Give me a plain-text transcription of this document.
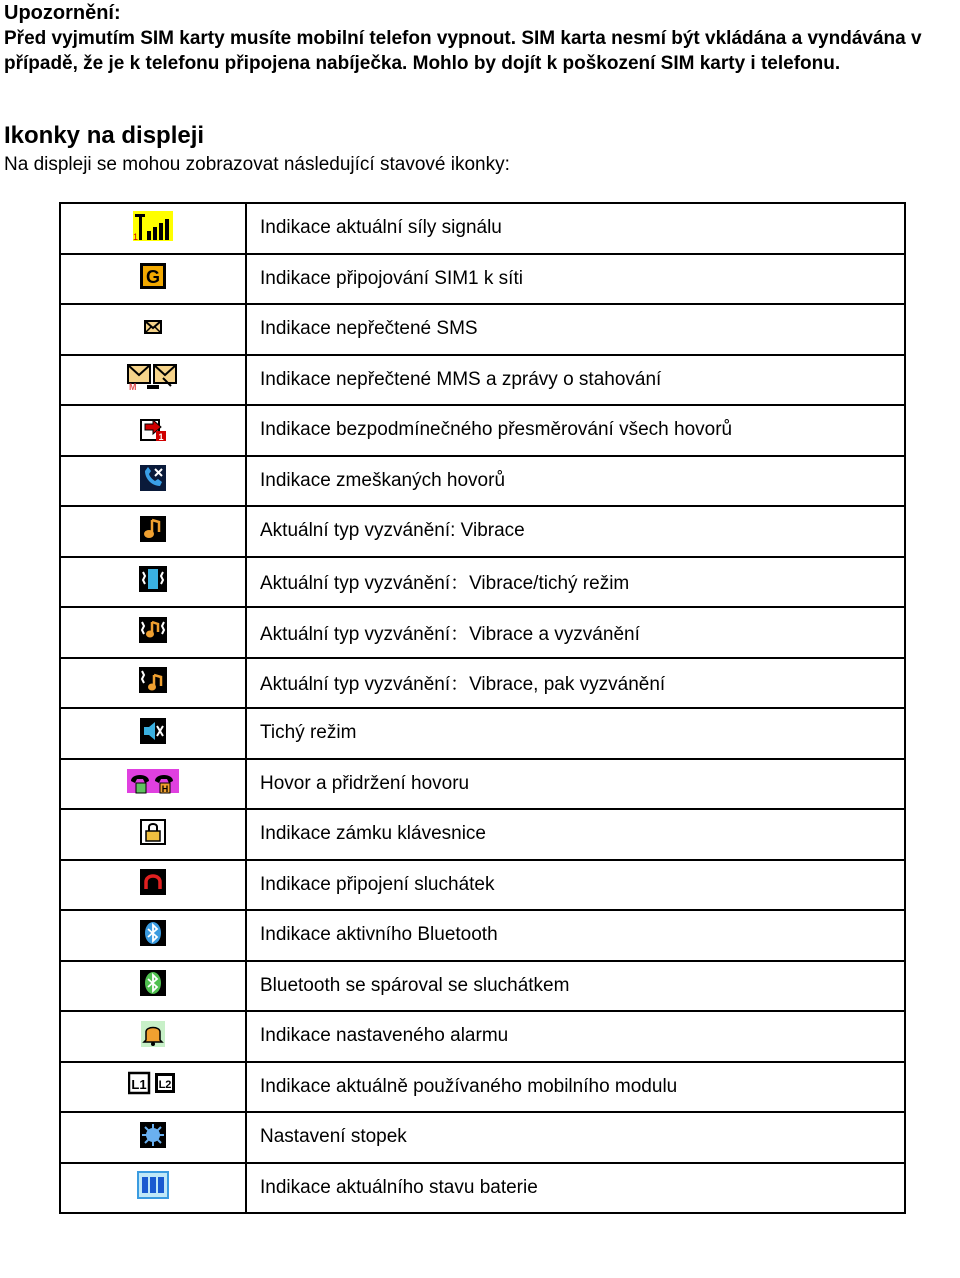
Upozornění:
Před vyjmutím SIM karty musíte mobilní telefon vypnout. SIM karta nesmí být vkládána a vyndávána v případě, že je k telefonu připojena nabíječka. Mohlo by dojít k poškození SIM karty i telefonu.
Ikonky na displeji
Na displeji se mohou zobrazovat následující stavové ikonky:
1	Indikace aktuální síly signálu

G	Indikace připojování SIM1 k síti
	Indikace nepřečtené SMS

M	Indikace nepřečtené MMS a zprávy o stahování

1	Indikace bezpodmínečného přesměrování všech hovorů
	Indikace zmeškaných hovorů
	Aktuální typ vyzvánění: Vibrace
	Aktuální typ vyzvánění：Vibrace/tichý režim
	Aktuální typ vyzvánění：Vibrace a vyzvánění
	Aktuální typ vyzvánění：Vibrace, pak vyzvánění
	Tichý režim

H	Hovor a přidržení hovoru
	Indikace zámku klávesnice
	Indikace připojení sluchátek
	Indikace aktivního Bluetooth
	Bluetooth se spároval se sluchátkem
	Indikace nastaveného alarmu

L1 L2	Indikace aktuálně používaného mobilního modulu
	Nastavení stopek
	Indikace aktuálního stavu baterie
